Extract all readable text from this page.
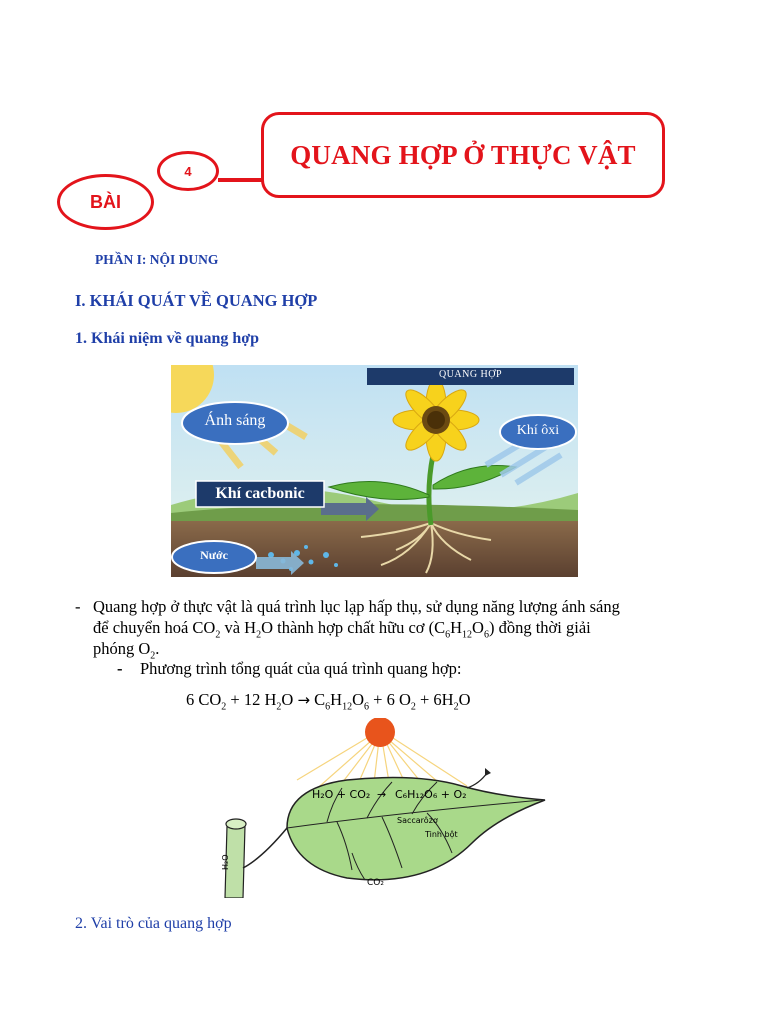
QUANG HỢP Ở THỰC VẬT
4
BÀI
PHẦN I: NỘI DUNG
I. KHÁI QUÁT VỀ QUANG HỢP
1. Khái niệm về quang hợp
QUANG HỢP
Ánh sáng
Khí ôxi
Khí cacbonic
Nước
- Quang hợp ở thực vật là quá trình lục lạp hấp thụ, sử dụng năng lượng ánh sáng
để chuyển hoá $CO_2$ và $H_2O$ thành hợp chất hữu cơ $(C_6H_{12}O_6)$ đồng thời giải
phóng $O_2$.
- Phương trình tổng quát của quá trình quang hợp:
6 $CO_2 + 12$ $H_2O \to C_6H_{12}O_6 + 6$ $O_2 + 6H_2O$
H₂O + CO₂ → C₆H₁₂O₆ + O₂
Saccarôzơ
Tinh bột
CO₂
H₂O
2. Vai trò của quang hợp
